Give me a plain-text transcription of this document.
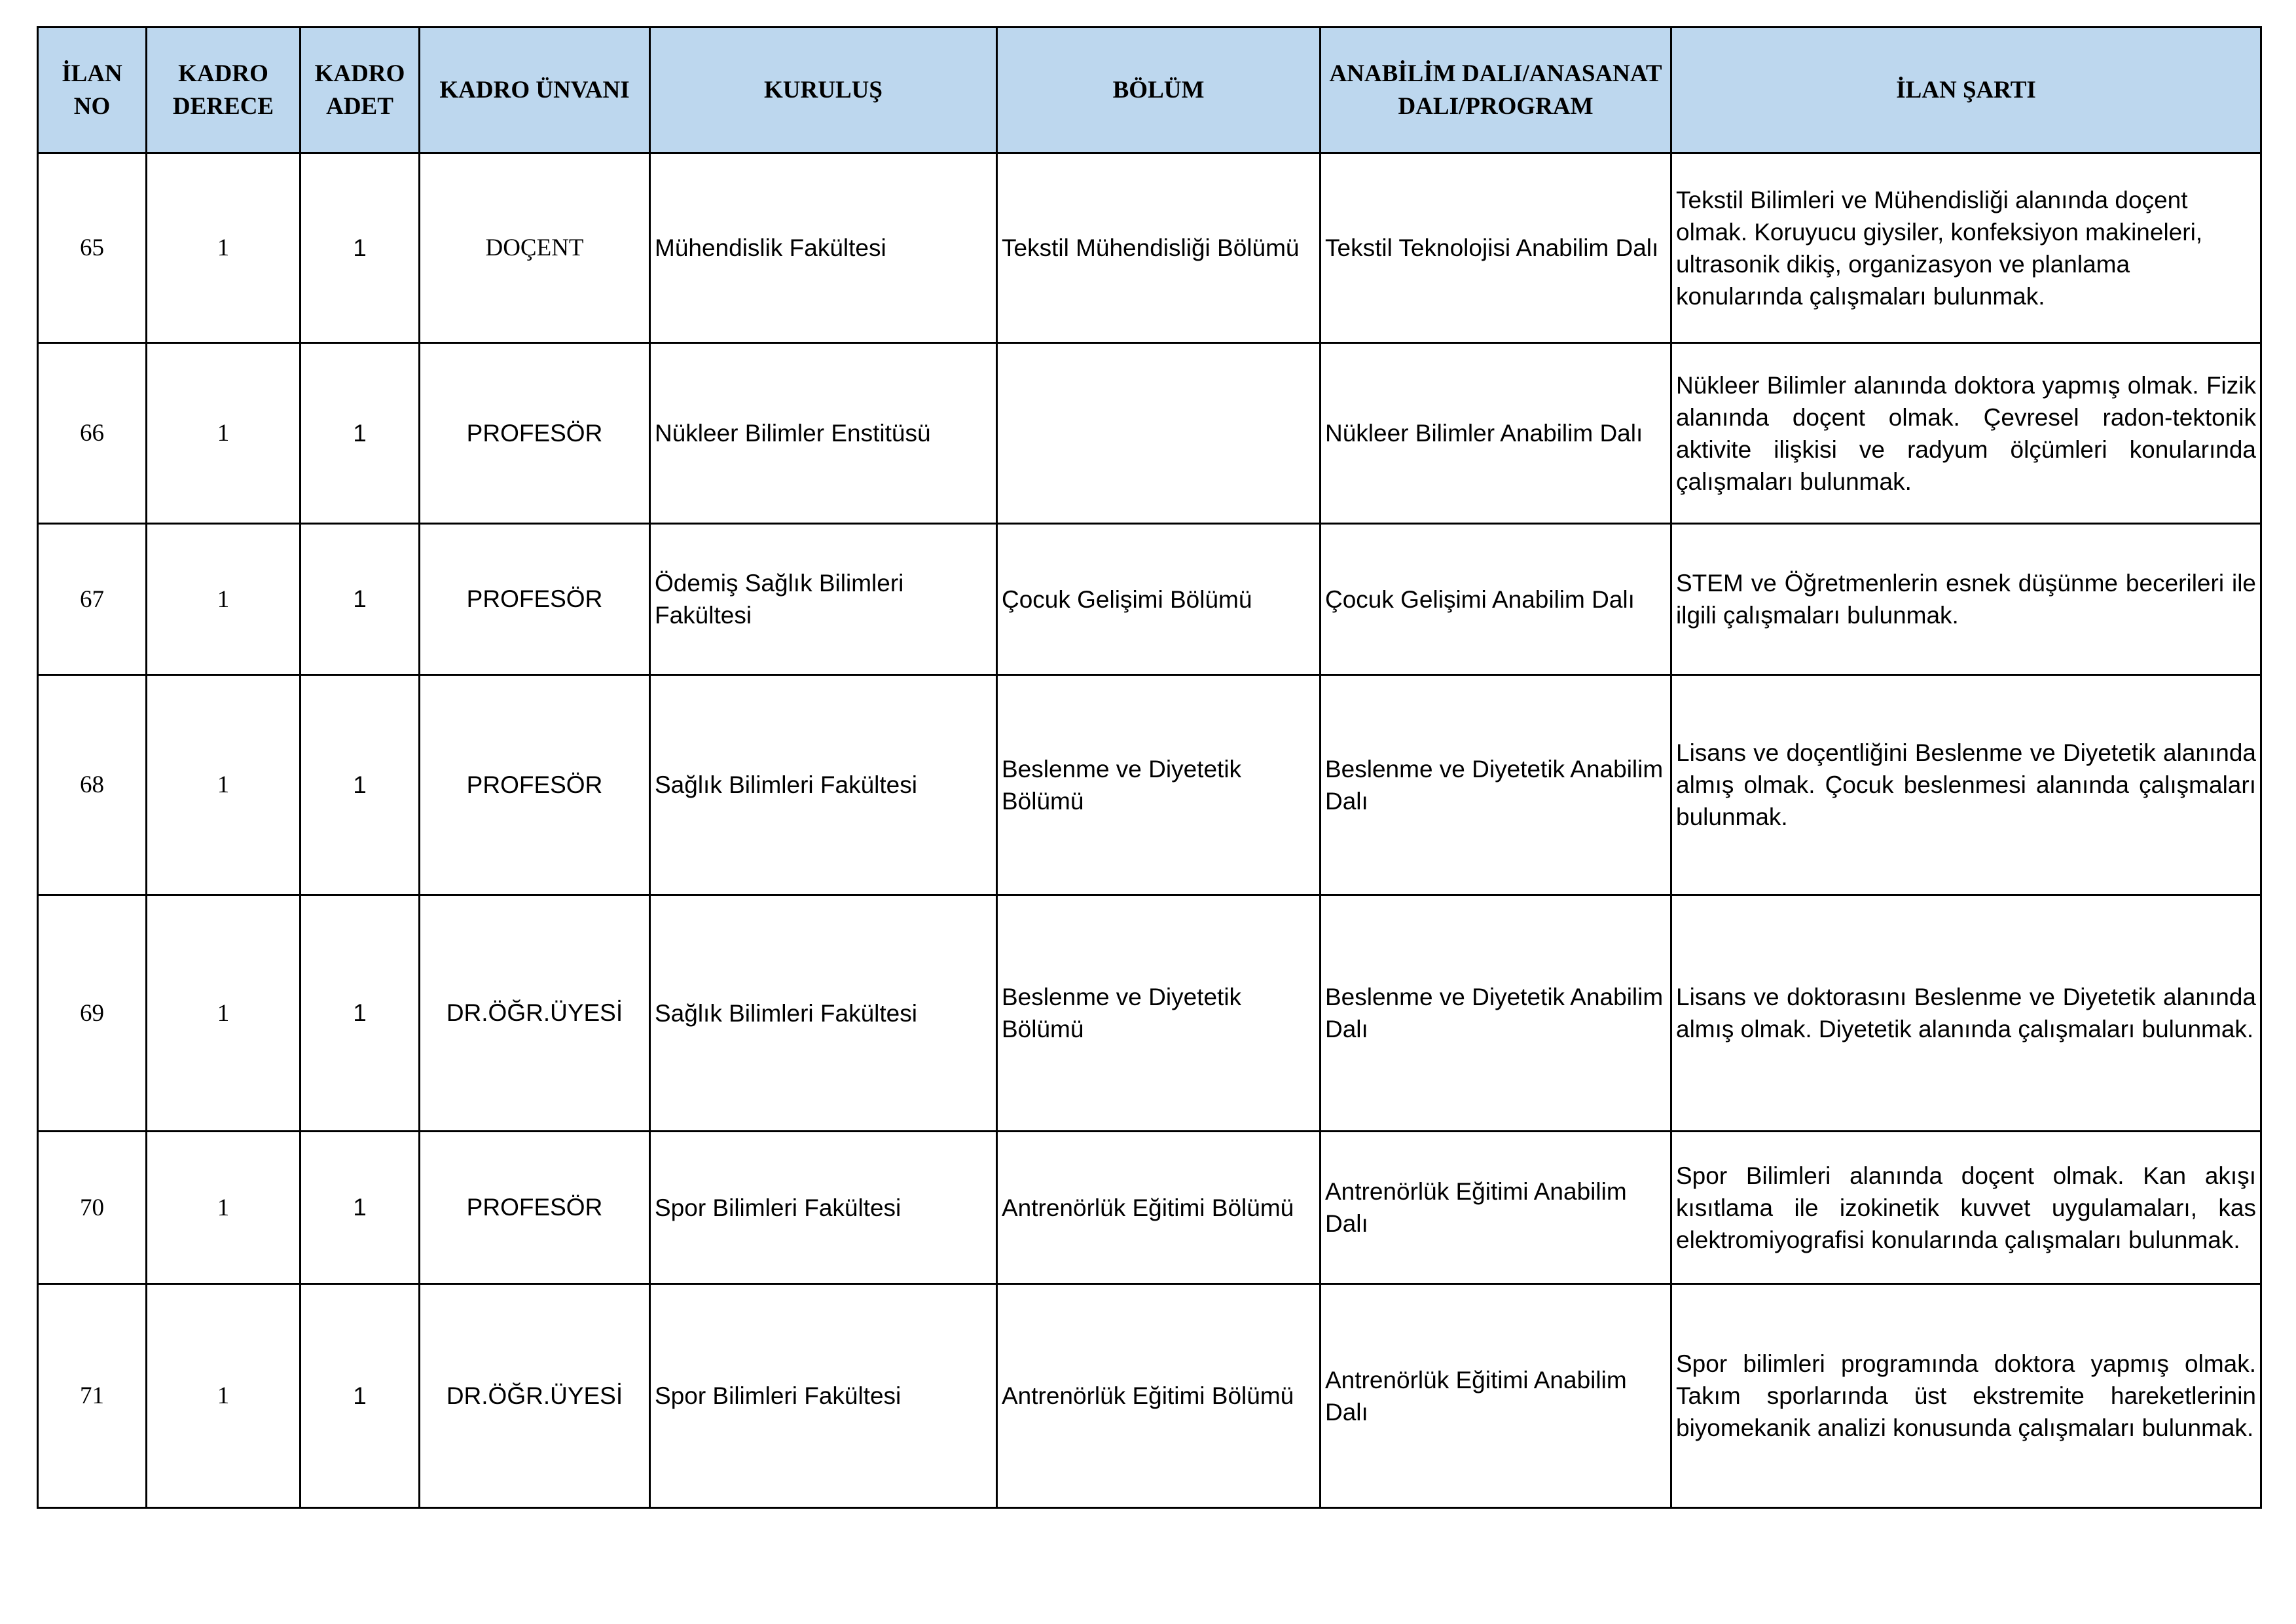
İLAN NO	KADRO DERECE	KADRO ADET	KADRO ÜNVANI	KURULUŞ	BÖLÜM	ANABİLİM DALI/ANASANAT DALI/PROGRAM	İLAN ŞARTI
65	1	1	DOÇENT	Mühendislik Fakültesi	Tekstil Mühendisliği Bölümü	Tekstil Teknolojisi Anabilim Dalı	Tekstil Bilimleri ve Mühendisliği alanında doçent olmak. Koruyucu giysiler, konfeksiyon makineleri, ultrasonik dikiş, organizasyon ve planlama konularında çalışmaları bulunmak.
66	1	1	PROFESÖR	Nükleer Bilimler Enstitüsü		Nükleer Bilimler Anabilim Dalı	Nükleer Bilimler alanında doktora yapmış olmak. Fizik alanında doçent olmak. Çevresel radon-tektonik aktivite ilişkisi ve radyum ölçümleri konularında çalışmaları bulunmak.
67	1	1	PROFESÖR	Ödemiş Sağlık Bilimleri Fakültesi	Çocuk Gelişimi Bölümü	Çocuk Gelişimi Anabilim Dalı	STEM ve Öğretmenlerin esnek düşünme becerileri ile ilgili çalışmaları bulunmak.
68	1	1	PROFESÖR	Sağlık Bilimleri Fakültesi	Beslenme ve Diyetetik Bölümü	Beslenme ve Diyetetik Anabilim Dalı	Lisans ve doçentliğini Beslenme ve Diyetetik alanında almış olmak. Çocuk beslenmesi alanında çalışmaları bulunmak.
69	1	1	DR.ÖĞR.ÜYESİ	Sağlık Bilimleri Fakültesi	Beslenme ve Diyetetik Bölümü	Beslenme ve Diyetetik Anabilim Dalı	Lisans ve doktorasını Beslenme ve Diyetetik alanında almış olmak. Diyetetik alanında çalışmaları bulunmak.
70	1	1	PROFESÖR	Spor Bilimleri Fakültesi	Antrenörlük Eğitimi Bölümü	Antrenörlük Eğitimi Anabilim Dalı	Spor Bilimleri alanında doçent olmak. Kan akışı kısıtlama ile izokinetik kuvvet uygulamaları, kas elektromiyografisi konularında çalışmaları bulunmak.
71	1	1	DR.ÖĞR.ÜYESİ	Spor Bilimleri Fakültesi	Antrenörlük Eğitimi Bölümü	Antrenörlük Eğitimi Anabilim Dalı	Spor bilimleri programında doktora yapmış olmak. Takım sporlarında üst ekstremite hareketlerinin biyomekanik analizi konusunda çalışmaları bulunmak.
